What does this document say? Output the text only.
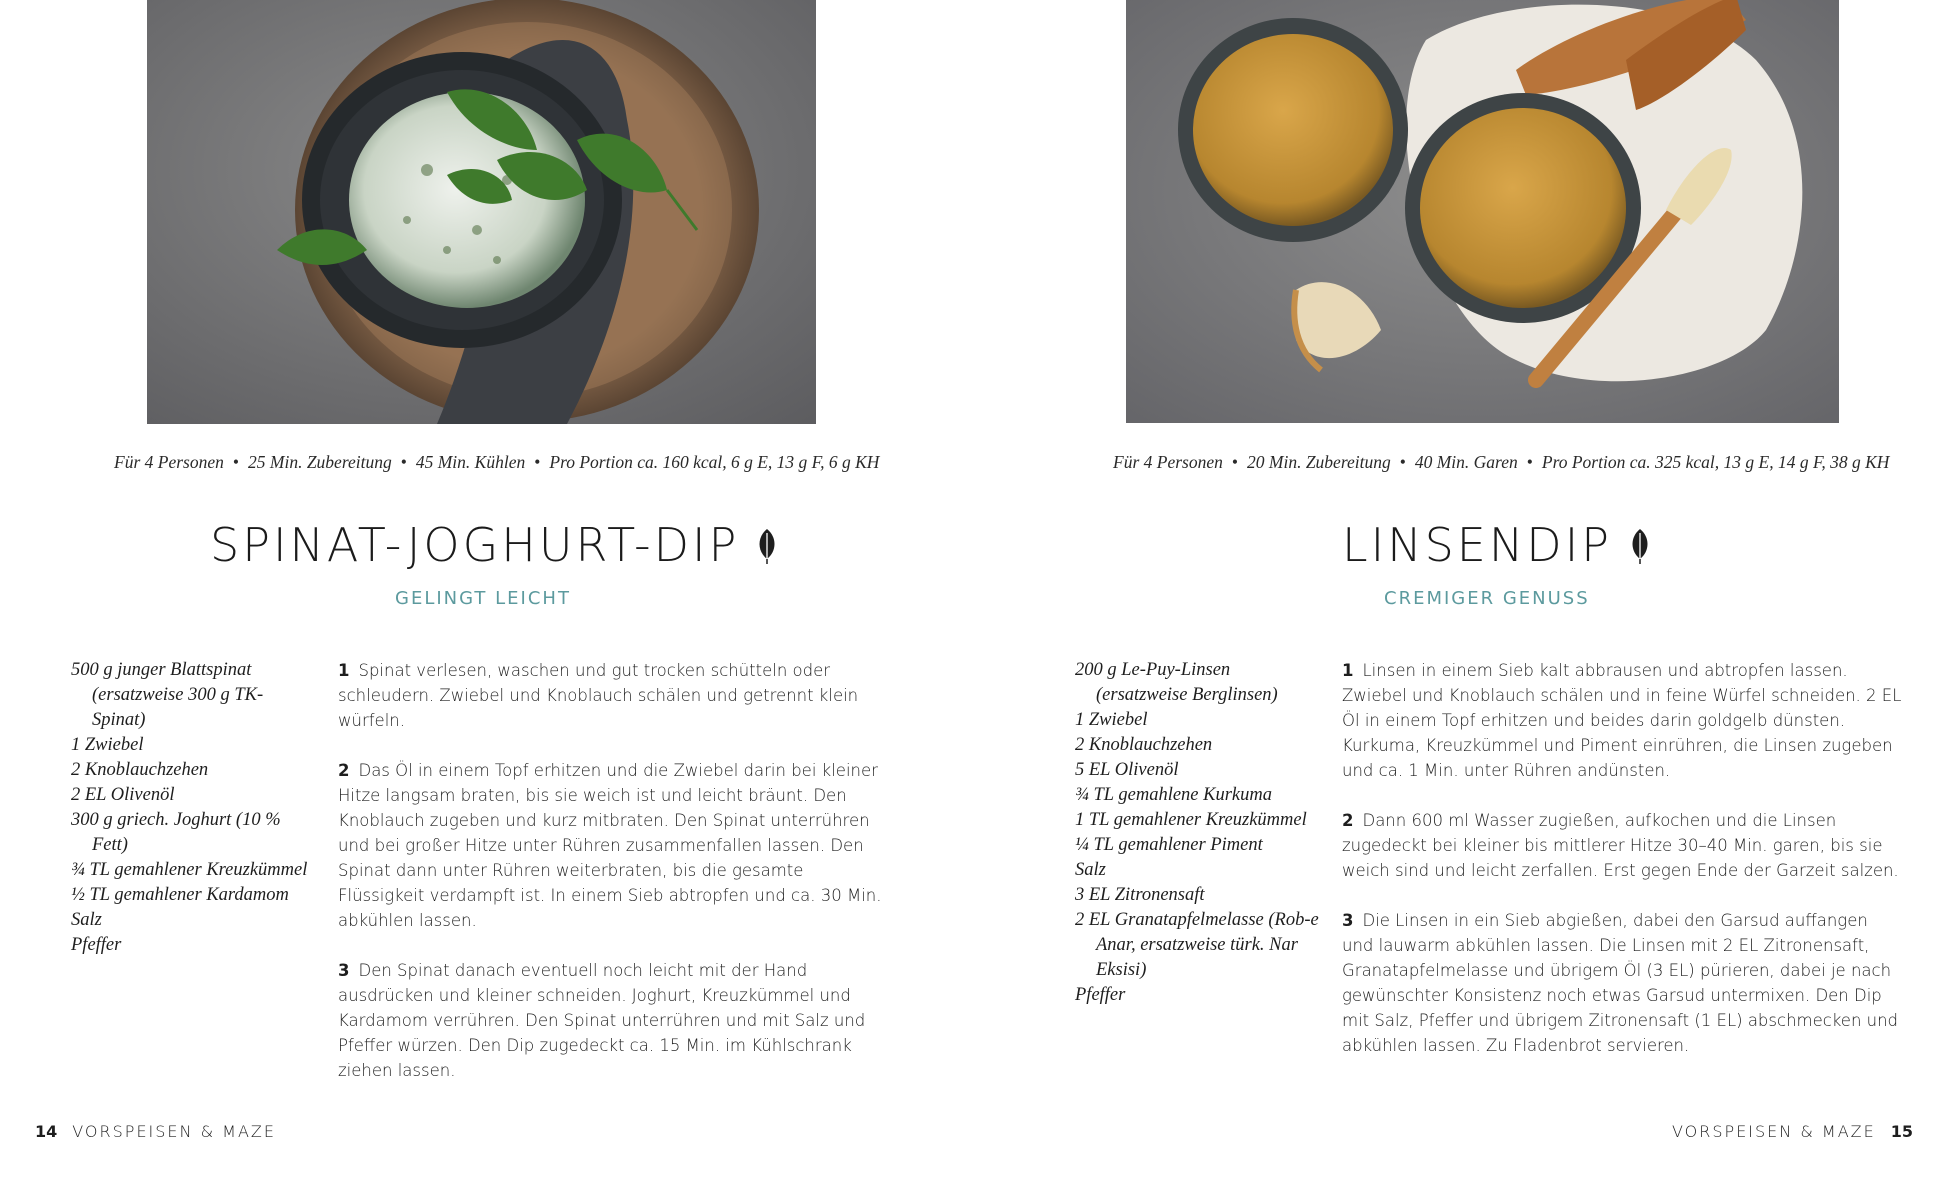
Für 4 Personen • 25 Min. Zubereitung • 45 Min. Kühlen • Pro Portion ca. 160 kcal, 6 g E, 13 g F, 6 g KH
SPINAT-JOGHURT-DIP
GELINGT LEICHT
500 g junger Blattspinat (ersatzweise 300 g TK-Spinat)
1 Zwiebel
2 Knoblauchzehen
2 EL Olivenöl
300 g griech. Joghurt (10 % Fett)
¾ TL gemahlener Kreuzkümmel
½ TL gemahlener Kardamom
Salz
Pfeffer

1 Spinat verlesen, waschen und gut trocken schütteln oder schleudern. Zwiebel und Knoblauch schälen und getrennt klein würfeln.

2 Das Öl in einem Topf erhitzen und die Zwiebel darin bei kleiner Hitze langsam braten, bis sie weich ist und leicht bräunt. Den Knoblauch zugeben und kurz mitbraten. Den Spinat unterrühren und bei großer Hitze unter Rühren zusammenfallen lassen. Den Spinat dann unter Rühren weiterbraten, bis die gesamte Flüssigkeit verdampft ist. In einem Sieb abtropfen und ca. 30 Min. abkühlen lassen.

3 Den Spinat danach eventuell noch leicht mit der Hand ausdrücken und kleiner schneiden. Joghurt, Kreuzkümmel und Kardamom verrühren. Den Spinat unterrühren und mit Salz und Pfeffer würzen. Den Dip zugedeckt ca. 15 Min. im Kühlschrank ziehen lassen.

14 VORSPEISEN & MAZE
Für 4 Personen • 20 Min. Zubereitung • 40 Min. Garen • Pro Portion ca. 325 kcal, 13 g E, 14 g F, 38 g KH
LINSENDIP
CREMIGER GENUSS
200 g Le-Puy-Linsen (ersatzweise Berglinsen)
1 Zwiebel
2 Knoblauchzehen
5 EL Olivenöl
¾ TL gemahlene Kurkuma
1 TL gemahlener Kreuzkümmel
¼ TL gemahlener Piment
Salz
3 EL Zitronensaft
2 EL Granatapfelmelasse (Rob-e Anar, ersatzweise türk. Nar Eksisi)
Pfeffer

1 Linsen in einem Sieb kalt abbrausen und abtropfen lassen. Zwiebel und Knoblauch schälen und in feine Würfel schneiden. 2 EL Öl in einem Topf erhitzen und beides darin goldgelb dünsten. Kurkuma, Kreuzkümmel und Piment einrühren, die Linsen zugeben und ca. 1 Min. unter Rühren andünsten.

2 Dann 600 ml Wasser zugießen, aufkochen und die Linsen zugedeckt bei kleiner bis mittlerer Hitze 30–40 Min. garen, bis sie weich sind und leicht zerfallen. Erst gegen Ende der Garzeit salzen.

3 Die Linsen in ein Sieb abgießen, dabei den Garsud auffangen und lauwarm abkühlen lassen. Die Linsen mit 2 EL Zitronensaft, Granatapfelmelasse und übrigem Öl (3 EL) pürieren, dabei je nach gewünschter Konsistenz noch etwas Garsud untermixen. Den Dip mit Salz, Pfeffer und übrigem Zitronensaft (1 EL) abschmecken und abkühlen lassen. Zu Fladenbrot servieren.

VORSPEISEN & MAZE 15
